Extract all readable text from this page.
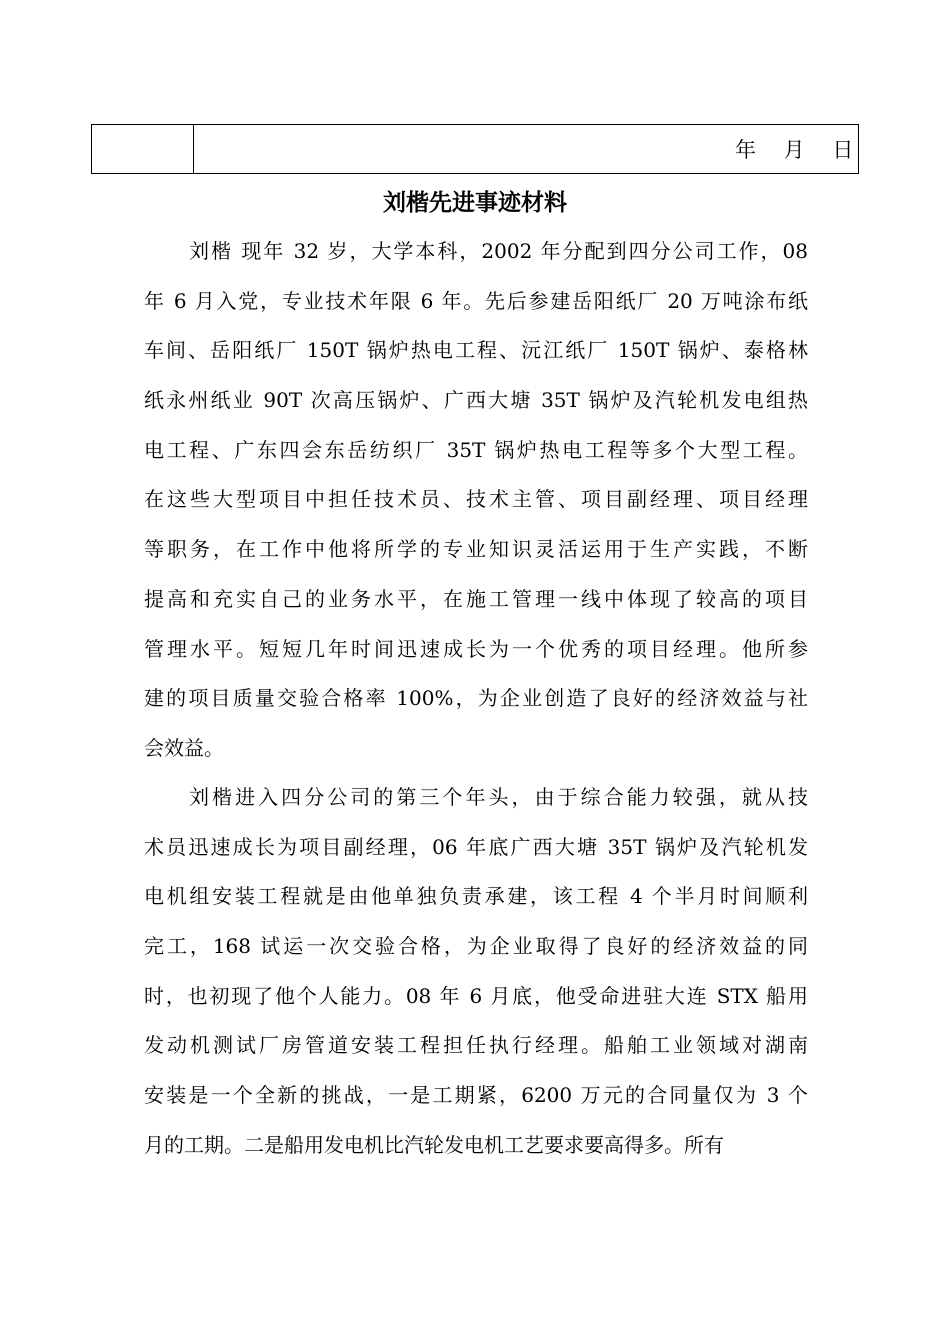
年　 月　 日
刘楷先进事迹材料
刘楷 现年 32 岁，大学本科，2002 年分配到四分公司工作，08
年 6 月入党，专业技术年限 6 年。先后参建岳阳纸厂 20 万吨涂布纸
车间、岳阳纸厂 150T 锅炉热电工程、沅江纸厂 150T 锅炉、泰格林
纸永州纸业 90T 次高压锅炉、广西大塘 35T 锅炉及汽轮机发电组热
电工程、广东四会东岳纺织厂 35T 锅炉热电工程等多个大型工程。
在这些大型项目中担任技术员、技术主管、项目副经理、项目经理
等职务，在工作中他将所学的专业知识灵活运用于生产实践，不断
提高和充实自己的业务水平，在施工管理一线中体现了较高的项目
管理水平。短短几年时间迅速成长为一个优秀的项目经理。他所参
建的项目质量交验合格率 100%，为企业创造了良好的经济效益与社
会效益。
刘楷进入四分公司的第三个年头，由于综合能力较强，就从技
术员迅速成长为项目副经理，06 年底广西大塘 35T 锅炉及汽轮机发
电机组安装工程就是由他单独负责承建，该工程 4 个半月时间顺利
完工，168 试运一次交验合格，为企业取得了良好的经济效益的同
时，也初现了他个人能力。08 年 6 月底，他受命进驻大连 STX 船用
发动机测试厂房管道安装工程担任执行经理。船舶工业领域对湖南
安装是一个全新的挑战，一是工期紧，6200 万元的合同量仅为 3 个
月的工期。二是船用发电机比汽轮发电机工艺要求要高得多。所有
